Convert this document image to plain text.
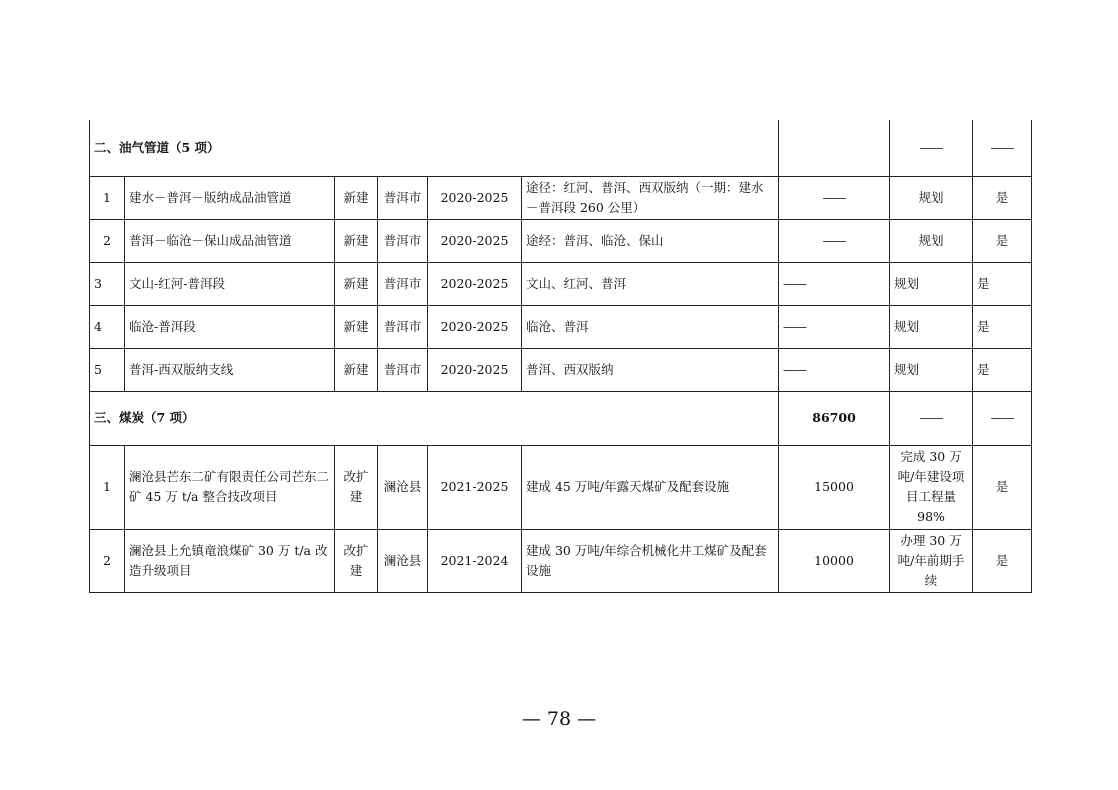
二、油气管道（5 项）							——	——
1	建水－普洱－版纳成品油管道	新建	普洱市	2020-2025	途径：红河、普洱、西双版纳（一期：建水－普洱段 260 公里）	——	规划	是
2	普洱－临沧－保山成品油管道	新建	普洱市	2020-2025	途经：普洱、临沧、保山	——	规划	是
3	文山-红河-普洱段	新建	普洱市	2020-2025	文山、红河、普洱	——	规划	是
4	临沧-普洱段	新建	普洱市	2020-2025	临沧、普洱	——	规划	是
5	普洱-西双版纳支线	新建	普洱市	2020-2025	普洱、西双版纳	——	规划	是
三、煤炭（7 项）						86700	——	——
1	澜沧县芒东二矿有限责任公司芒东二矿 45 万 t/a 整合技改项目	改扩建	澜沧县	2021-2025	建成 45 万吨/年露天煤矿及配套设施	15000	完成 30 万吨/年建设项目工程量 98%	是
2	澜沧县上允镇竜浪煤矿 30 万 t/a 改造升级项目	改扩建	澜沧县	2021-2024	建成 30 万吨/年综合机械化井工煤矿及配套设施	10000	办理 30 万吨/年前期手续	是
— 78 —
